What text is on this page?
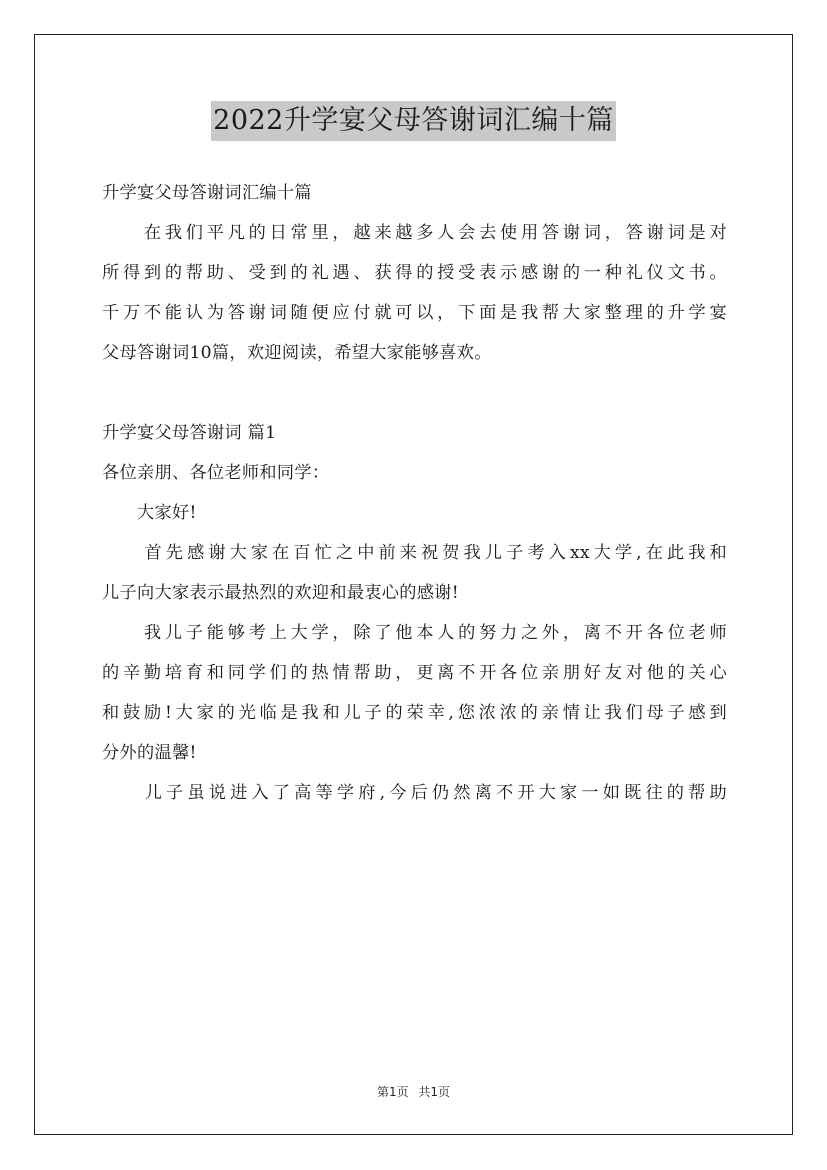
2022升学宴父母答谢词汇编十篇
升学宴父母答谢词汇编十篇
　　在我们平凡的日常里，越来越多人会去使用答谢词，答谢词是对
所得到的帮助、受到的礼遇、获得的授受表示感谢的一种礼仪文书。
千万不能认为答谢词随便应付就可以，下面是我帮大家整理的升学宴
父母答谢词10篇，欢迎阅读，希望大家能够喜欢。
升学宴父母答谢词 篇1
各位亲朋、各位老师和同学：
　　大家好!
　　首先感谢大家在百忙之中前来祝贺我儿子考入xx大学,在此我和
儿子向大家表示最热烈的欢迎和最衷心的感谢!
　　我儿子能够考上大学，除了他本人的努力之外，离不开各位老师
的辛勤培育和同学们的热情帮助，更离不开各位亲朋好友对他的关心
和鼓励!大家的光临是我和儿子的荣幸,您浓浓的亲情让我们母子感到
分外的温馨!
　　儿子虽说进入了高等学府,今后仍然离不开大家一如既往的帮助
第1页 共1页
